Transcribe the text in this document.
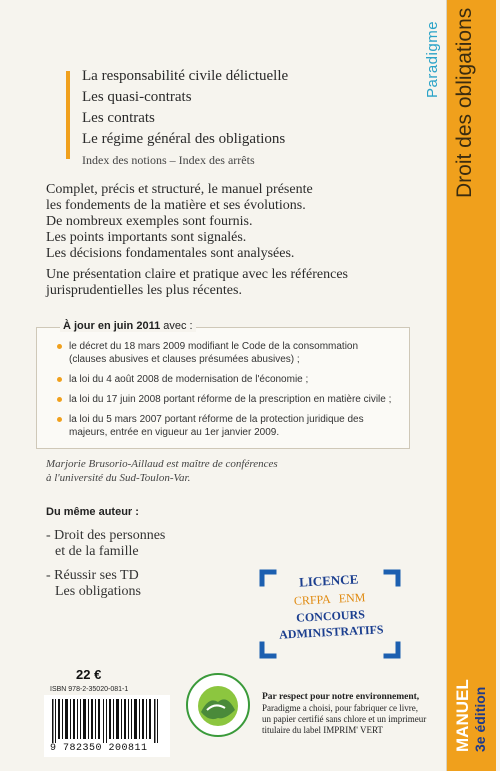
Paradigme Droit des obligations
MANUEL 3e édition
La responsabilité civile délictuelle
Les quasi-contrats
Les contrats
Le régime général des obligations
Index des notions – Index des arrêts
Complet, précis et structuré, le manuel présente
les fondements de la matière et ses évolutions.
De nombreux exemples sont fournis.
Les points importants sont signalés.
Les décisions fondamentales sont analysées.
Une présentation claire et pratique avec les références
jurisprudentielles les plus récentes.
À jour en juin 2011 avec :
le décret du 18 mars 2009 modifiant le Code de la consommation (clauses abusives et clauses présumées abusives) ;
la loi du 4 août 2008 de modernisation de l'économie ;
la loi du 17 juin 2008 portant réforme de la prescription en matière civile ;
la loi du 5 mars 2007 portant réforme de la protection juridique des majeurs, entrée en vigueur au 1er janvier 2009.
Marjorie Brusorio-Aillaud est maître de conférences
à l'université du Sud-Toulon-Var.
Du même auteur :
- Droit des personnes
et de la famille
- Réussir ses TD
Les obligations
LICENCE
CRFPA ENM
CONCOURS
ADMINISTRATIFS
22 €
ISBN 978-2-35020-081-1
9 782350 200811
Par respect pour notre environnement,
Paradigme a choisi, pour fabriquer ce livre,
un papier certifié sans chlore et un imprimeur
titulaire du label IMPRIM' VERT
